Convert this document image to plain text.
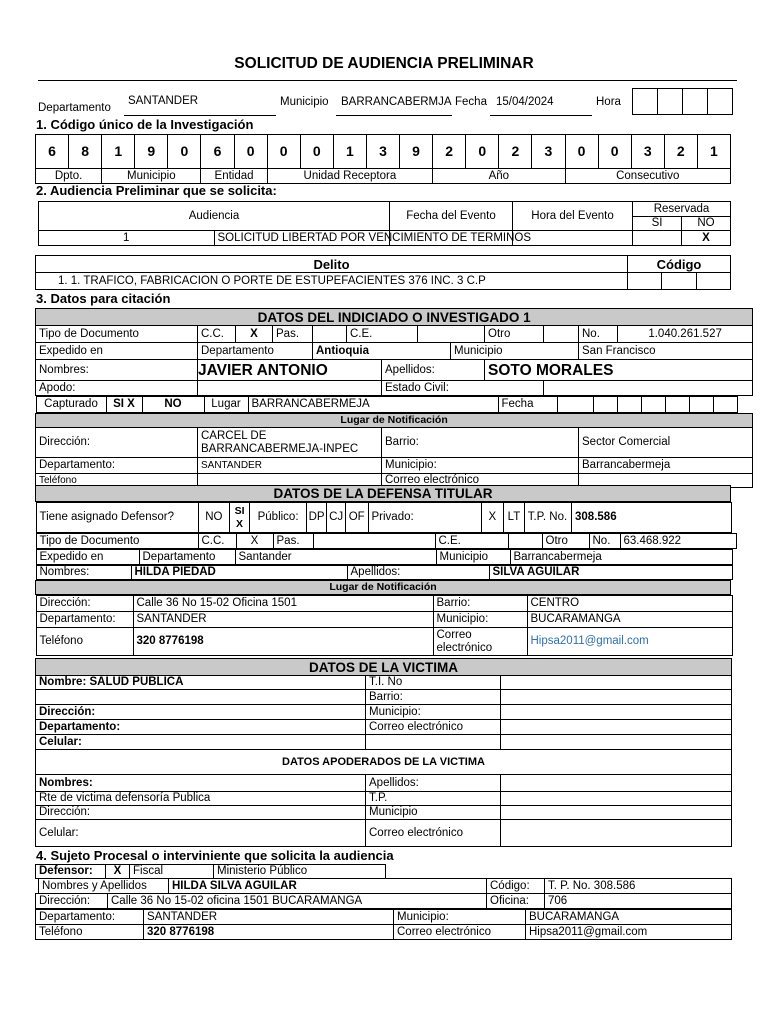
SOLICITUD DE AUDIENCIA PRELIMINAR
Departamento
SANTANDER	Municipio BARRANCABERMJA Fecha 15/04/2024	Hora

1. Código único de la Investigación
6	8	1	9	0	6	0	0	0	1	3	9	2	0	2	3	0	0	3	2	1
Dpto.		Municipio			Entidad		Unidad Receptora					Año				Consecutivo				
2. Audiencia Preliminar que se solicita:
Audiencia		Fecha del Evento	Hora del Evento	Reservada	
				SI	NO
1	SOLICITUD LIBERTAD POR VENCIMIENTO DE TERMINOS				X
Delito	Código		
1. 1. TRAFICO, FABRICACION O PORTE DE ESTUPEFACIENTES 376 INC. 3 C.P			
3. Datos para citación
DATOS DEL INDICIADO O INVESTIGADO 1
Tipo de Documento	C.C.	X	Pas.		C.E.		Otro		No.	1.040.261.527
Expedido en	Departamento	Antioquia	Municipio	San Francisco
Nombres:	JAVIER ANTONIO	Apellidos:	SOTO MORALES
Apodo:		Estado Civil:	

Capturado	SI X	NO	Lugar	BARRANCABERMEJA	Fecha							

Lugar de Notificación
Dirección:	CARCEL DE BARRANCABERMEJA-INPEC	Barrio:	Sector Comercial
Departamento:	SANTANDER	Municipio:	Barrancabermeja
Teléfono		Correo electrónico	
DATOS DE LA DEFENSA TITULAR

Tiene asignado Defensor?	NO	SI X	Público:	DP	CJ	OF	Privado:	X	LT	T.P. No.	308.586

Tipo de Documento	C.C.	X	Pas.		C.E.		Otro	No.	63.468.922

Expedido en	Departamento	Santander	Municipio	Barrancabermeja

Nombres:	HILDA PIEDAD	Apellidos:	SILVA AGUILAR

Lugar de Notificación

Dirección:	Calle 36 No 15-02 Oficina 1501	Barrio:	CENTRO
Departamento:	SANTANDER	Municipio:	BUCARAMANGA
Teléfono	320 8776198	Correo electrónico	Hipsa2011@gmail.com
DATOS DE LA VICTIMA		
Nombre: SALUD PUBLICA	T.I. No	
	Barrio:	
Dirección:	Municipio:	
Departamento:	Correo electrónico	
Celular:		
DATOS APODERADOS DE LA VICTIMA		
Nombres:	Apellidos:	
Rte de victima defensoría Publica	T.P.	
Dirección:	Municipio	
Celular:	Correo electrónico	
4. Sujeto Procesal o interviniente que solicita la audiencia
Defensor:	X	Fiscal	Ministerio Público
Nombres y Apellidos	HILDA SILVA AGUILAR	Código:	T. P. No. 308.586
Dirección:	Calle 36 No 15-02 oficina 1501 BUCARAMANGA	Oficina:	706
Departamento:	SANTANDER	Municipio:	BUCARAMANGA
Teléfono	320 8776198	Correo electrónico	Hipsa2011@gmail.com
